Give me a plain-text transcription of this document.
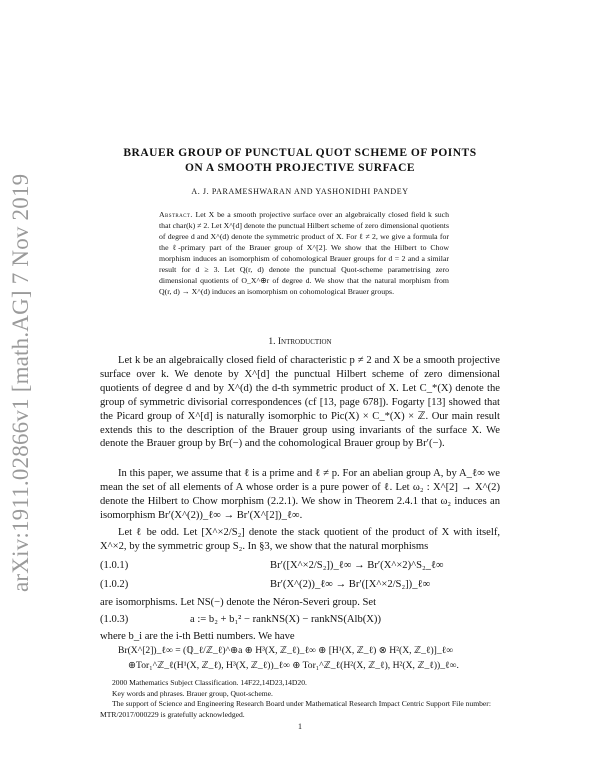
arXiv:1911.02866v1 [math.AG] 7 Nov 2019
BRAUER GROUP OF PUNCTUAL QUOT SCHEME OF POINTS
ON A SMOOTH PROJECTIVE SURFACE
A. J. PARAMESHWARAN AND YASHONIDHI PANDEY
Abstract. Let X be a smooth projective surface over an algebraically closed field k such that char(k) ≠ 2. Let X^[d] denote the punctual Hilbert scheme of zero dimensional quotients of degree d and X^(d) denote the symmetric product of X. For ℓ ≠ 2, we give a formula for the ℓ-primary part of the Brauer group of X^[2]. We show that the Hilbert to Chow morphism induces an isomorphism of cohomological Brauer groups for d = 2 and a similar result for d ≥ 3. Let Q(r, d) denote the punctual Quot-scheme parametrising zero dimensional quotients of O_X^⊕r of degree d. We show that the natural morphism from Q(r, d) → X^(d) induces an isomorphism on cohomological Brauer groups.
1. Introduction

Let k be an algebraically closed field of characteristic p ≠ 2 and X be a smooth projective surface over k. We denote by X^[d] the punctual Hilbert scheme of zero dimensional quotients of degree d and by X^(d) the d-th symmetric product of X. Let C_*(X) denote the group of symmetric divisorial correspondences (cf [13, page 678]). Fogarty [13] showed that the Picard group of X^[d] is naturally isomorphic to Pic(X) × C_*(X) × ℤ. Our main result extends this to the description of the Brauer group using invariants of the surface X. We denote the Brauer group by Br(−) and the cohomological Brauer group by Br′(−).

In this paper, we assume that ℓ is a prime and ℓ ≠ p. For an abelian group A, by A_ℓ∞ we mean the set of all elements of A whose order is a pure power of ℓ. Let ω₂ : X^[2] → X^(2) denote the Hilbert to Chow morphism (2.2.1). We show in Theorem 2.4.1 that ω₂ induces an isomorphism Br′(X^(2))_ℓ∞ → Br′(X^[2])_ℓ∞.

Let ℓ be odd. Let [X^×2/S₂] denote the stack quotient of the product of X with itself, X^×2, by the symmetric group S₂. In §3, we show that the natural morphisms

(1.0.1)	Br′([X^×2/S₂])_ℓ∞ → Br′(X^×2)^S₂_ℓ∞
(1.0.2)	Br′(X^(2))_ℓ∞ → Br′([X^×2/S₂])_ℓ∞
are isomorphisms. Let NS(−) denote the Néron-Severi group. Set
(1.0.3)	a := b₂ + b₁² − rankNS(X) − rankNS(Alb(X))
where b_i are the i-th Betti numbers. We have
Br(X^[2])_ℓ∞ = (ℚ_ℓ/ℤ_ℓ)^⊕a ⊕ H³(X, ℤ_ℓ)_ℓ∞ ⊕ [H¹(X, ℤ_ℓ) ⊗ H²(X, ℤ_ℓ)]_ℓ∞
⊕Tor₁^ℤ_ℓ(H¹(X, ℤ_ℓ), H³(X, ℤ_ℓ))_ℓ∞ ⊕ Tor₁^ℤ_ℓ(H²(X, ℤ_ℓ), H²(X, ℤ_ℓ))_ℓ∞.
2000 Mathematics Subject Classification. 14F22,14D23,14D20.
Key words and phrases. Brauer group, Quot-scheme.
The support of Science and Engineering Research Board under Mathematical Research Impact Centric Support File number: MTR/2017/000229 is gratefully acknowledged.
1
